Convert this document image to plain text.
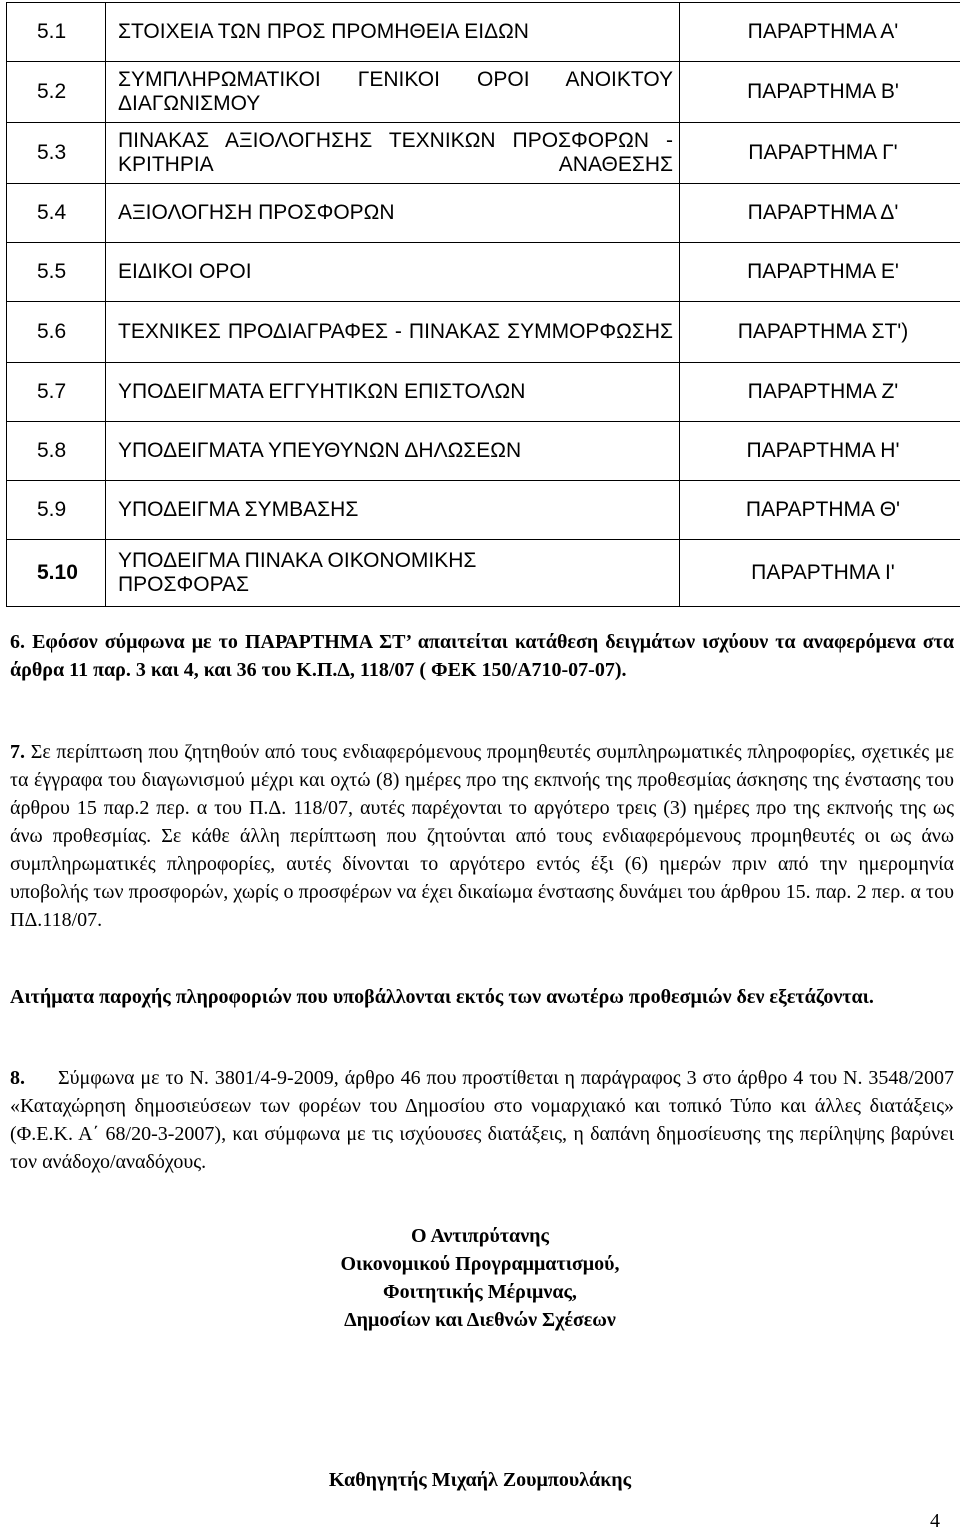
5.1	ΣΤΟΙΧΕΙΑ ΤΩΝ ΠΡΟΣ ΠΡΟΜΗΘΕΙΑ ΕΙΔΩΝ	ΠΑΡΑΡΤΗΜΑ Α'

5.2	ΣΥΜΠΛΗΡΩΜΑΤΙΚΟΙ ΓΕΝΙΚΟΙ ΟΡΟΙ ΑΝΟΙΚΤΟΥ ΔΙΑΓΩΝΙΣΜΟΥ	ΠΑΡΑΡΤΗΜΑ Β'

5.3	ΠΙΝΑΚΑΣ ΑΞΙΟΛΟΓΗΣΗΣ ΤΕΧΝΙΚΩΝ ΠΡΟΣΦΟΡΩΝ - ΚΡΙΤΗΡΙΑ ΑΝΑΘΕΣΗΣ	ΠΑΡΑΡΤΗΜΑ Γ'

5.4	ΑΞΙΟΛΟΓΗΣΗ ΠΡΟΣΦΟΡΩΝ	ΠΑΡΑΡΤΗΜΑ Δ'

5.5	ΕΙΔΙΚΟΙ ΟΡΟΙ	ΠΑΡΑΡΤΗΜΑ Ε'

5.6	ΤΕΧΝΙΚΕΣ ΠΡΟΔΙΑΓΡΑΦΕΣ - ΠΙΝΑΚΑΣ ΣΥΜΜΟΡΦΩΣΗΣ	ΠΑΡΑΡΤΗΜΑ ΣΤ')

5.7	ΥΠΟΔΕΙΓΜΑΤΑ ΕΓΓΥΗΤΙΚΩΝ ΕΠΙΣΤΟΛΩΝ	ΠΑΡΑΡΤΗΜΑ Ζ'

5.8	ΥΠΟΔΕΙΓΜΑΤΑ ΥΠΕΥΘΥΝΩΝ ΔΗΛΩΣΕΩΝ	ΠΑΡΑΡΤΗΜΑ Η'

5.9	ΥΠΟΔΕΙΓΜΑ ΣΥΜΒΑΣΗΣ	ΠΑΡΑΡΤΗΜΑ Θ'

5.10	ΥΠΟΔΕΙΓΜΑ ΠΙΝΑΚΑ ΟΙΚΟΝΟΜΙΚΗΣ ΠΡΟΣΦΟΡΑΣ	ΠΑΡΑΡΤΗΜΑ Ι'
6. Εφόσον σύμφωνα με το ΠΑΡΑΡΤΗΜΑ ΣΤ’ απαιτείται κατάθεση δειγμάτων ισχύουν τα αναφερόμενα στα άρθρα 11 παρ. 3 και 4, και 36 του Κ.Π.Δ, 118/07 ( ΦΕΚ 150/Α710-07-07).
7. Σε περίπτωση που ζητηθούν από τους ενδιαφερόμενους προμηθευτές συμπληρωματικές πληροφορίες, σχετικές με τα έγγραφα του διαγωνισμού μέχρι και οχτώ (8) ημέρες προ της εκπνοής της προθεσμίας άσκησης της ένστασης του άρθρου 15 παρ.2 περ. α του Π.Δ. 118/07, αυτές παρέχονται το αργότερο τρεις (3) ημέρες προ της εκπνοής της ως άνω προθεσμίας. Σε κάθε άλλη περίπτωση που ζητούνται από τους ενδιαφερόμενους προμηθευτές οι ως άνω συμπληρωματικές πληροφορίες, αυτές δίνονται το αργότερο εντός έξι (6) ημερών πριν από την ημερομηνία υποβολής των προσφορών, χωρίς ο προσφέρων να έχει δικαίωμα ένστασης δυνάμει του άρθρου 15. παρ. 2 περ. α του ΠΔ.118/07.
Αιτήματα παροχής πληροφοριών που υποβάλλονται εκτός των ανωτέρω προθεσμιών δεν εξετάζονται.
8. Σύμφωνα με το Ν. 3801/4-9-2009, άρθρο 46 που προστίθεται η παράγραφος 3 στο άρθρο 4 του Ν. 3548/2007 «Καταχώρηση δημοσιεύσεων των φορέων του Δημοσίου στο νομαρχιακό και τοπικό Τύπο και άλλες διατάξεις» (Φ.Ε.Κ. Α΄ 68/20-3-2007), και σύμφωνα με τις ισχύουσες διατάξεις, η δαπάνη δημοσίευσης της περίληψης βαρύνει τον ανάδοχο/αναδόχους.
Ο Αντιπρύτανης
Οικονομικού Προγραμματισμού,
Φοιτητικής Μέριμνας,
Δημοσίων και Διεθνών Σχέσεων
Καθηγητής Μιχαήλ Ζουμπουλάκης
4
